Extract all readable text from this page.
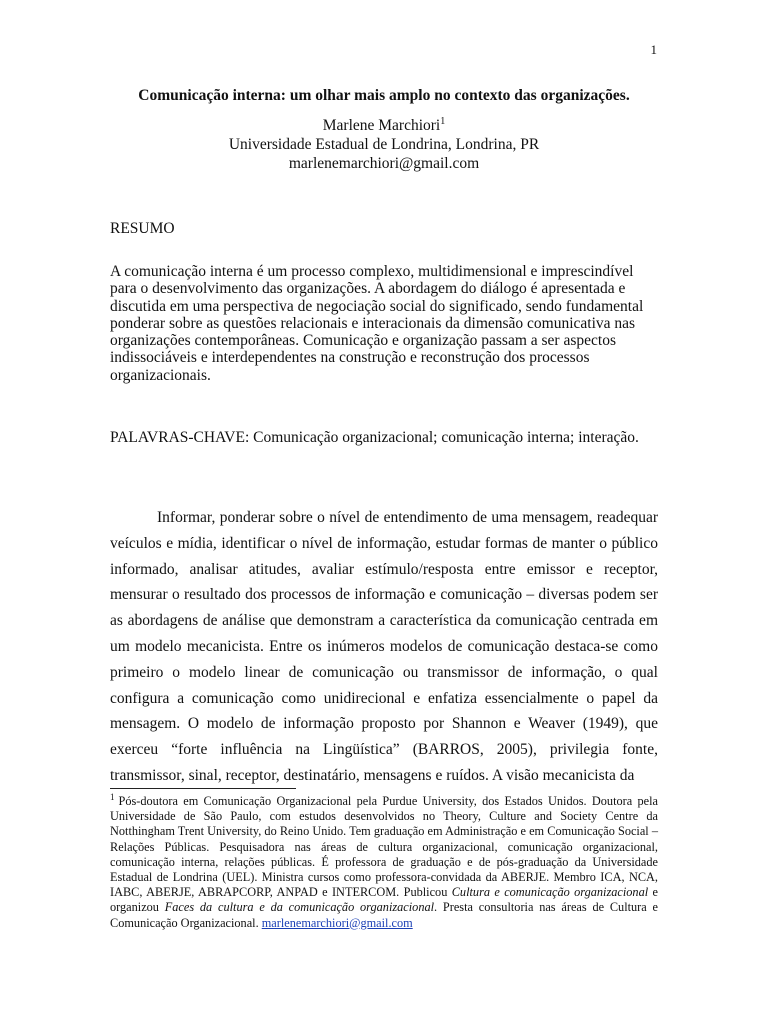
1
Comunicação interna: um olhar mais amplo no contexto das organizações.
Marlene Marchiori$^1$
Universidade Estadual de Londrina, Londrina, PR
marlenemarchiori@gmail.com
RESUMO
A comunicação interna é um processo complexo, multidimensional e imprescindível
para o desenvolvimento das organizações. A abordagem do diálogo é apresentada e
discutida em uma perspectiva de negociação social do significado, sendo fundamental
ponderar sobre as questões relacionais e interacionais da dimensão comunicativa nas
organizações contemporâneas. Comunicação e organização passam a ser aspectos
indissociáveis e interdependentes na construção e reconstrução dos processos
organizacionais.
PALAVRAS-CHAVE: Comunicação organizacional; comunicação interna; interação.

Informar, ponderar sobre o nível de entendimento de uma mensagem, readequar veículos e mídia, identificar o nível de informação, estudar formas de manter o público informado, analisar atitudes, avaliar estímulo/resposta entre emissor e receptor, mensurar o resultado dos processos de informação e comunicação – diversas podem ser as abordagens de análise que demonstram a característica da comunicação centrada em um modelo mecanicista. Entre os inúmeros modelos de comunicação destaca-se como primeiro o modelo linear de comunicação ou transmissor de informação, o qual configura a comunicação como unidirecional e enfatiza essencialmente o papel da mensagem. O modelo de informação proposto por Shannon e Weaver (1949), que exerceu “forte influência na Lingüística” (BARROS, 2005), privilegia fonte, transmissor, sinal, receptor, destinatário, mensagens e ruídos. A visão mecanicista da

$^1$ Pós-doutora em Comunicação Organizacional pela Purdue University, dos Estados Unidos. Doutora pela Universidade de São Paulo, com estudos desenvolvidos no Theory, Culture and Society Centre da Notthingham Trent University, do Reino Unido. Tem graduação em Administração e em Comunicação Social – Relações Públicas. Pesquisadora nas áreas de cultura organizacional, comunicação organizacional, comunicação interna, relações públicas. É professora de graduação e de pós-graduação da Universidade Estadual de Londrina (UEL). Ministra cursos como professora-convidada da ABERJE. Membro ICA, NCA, IABC, ABERJE, ABRAPCORP, ANPAD e INTERCOM. Publicou Cultura e comunicação organizacional e organizou Faces da cultura e da comunicação organizacional. Presta consultoria nas áreas de Cultura e Comunicação Organizacional. marlenemarchiori@gmail.com
